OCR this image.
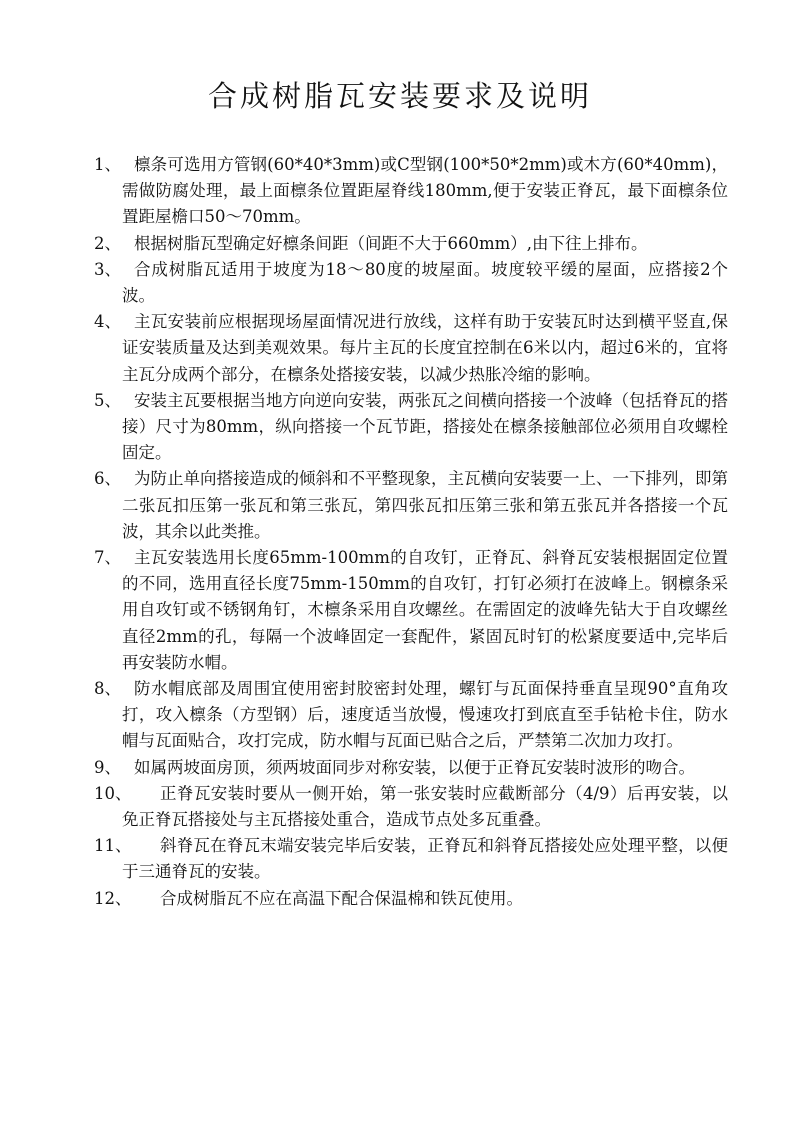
合成树脂瓦安装要求及说明
1、 檩条可选用方管钢(60*40*3mm)或C型钢(100*50*2mm)或木方(60*40mm)，需做防腐处理，最上面檩条位置距屋脊线180mm,便于安装正脊瓦，最下面檩条位置距屋檐口50～70mm。
2、 根据树脂瓦型确定好檩条间距（间距不大于660mm）,由下往上排布。
3、 合成树脂瓦适用于坡度为18～80度的坡屋面。坡度较平缓的屋面，应搭接2个波。
4、 主瓦安装前应根据现场屋面情况进行放线，这样有助于安装瓦时达到横平竖直,保证安装质量及达到美观效果。每片主瓦的长度宜控制在6米以内，超过6米的，宜将主瓦分成两个部分，在檩条处搭接安装，以减少热胀冷缩的影响。
5、 安装主瓦要根据当地方向逆向安装，两张瓦之间横向搭接一个波峰（包括脊瓦的搭接）尺寸为80mm，纵向搭接一个瓦节距，搭接处在檩条接触部位必须用自攻螺栓固定。
6、 为防止单向搭接造成的倾斜和不平整现象，主瓦横向安装要一上、一下排列，即第二张瓦扣压第一张瓦和第三张瓦，第四张瓦扣压第三张和第五张瓦并各搭接一个瓦波，其余以此类推。
7、 主瓦安装选用长度65mm-100mm的自攻钉，正脊瓦、斜脊瓦安装根据固定位置的不同，选用直径长度75mm-150mm的自攻钉，打钉必须打在波峰上。钢檩条采用自攻钉或不锈钢角钉，木檩条采用自攻螺丝。在需固定的波峰先钻大于自攻螺丝直径2mm的孔，每隔一个波峰固定一套配件，紧固瓦时钉的松紧度要适中,完毕后再安装防水帽。
8、 防水帽底部及周围宜使用密封胶密封处理，螺钉与瓦面保持垂直呈现90°直角攻打，攻入檩条（方型钢）后，速度适当放慢，慢速攻打到底直至手钻枪卡住，防水帽与瓦面贴合，攻打完成，防水帽与瓦面已贴合之后，严禁第二次加力攻打。
9、 如属两坡面房顶，须两坡面同步对称安装，以便于正脊瓦安装时波形的吻合。
10、	正脊瓦安装时要从一侧开始，第一张安装时应截断部分（4/9）后再安装，以免正脊瓦搭接处与主瓦搭接处重合，造成节点处多瓦重叠。
11、	斜脊瓦在脊瓦末端安装完毕后安装，正脊瓦和斜脊瓦搭接处应处理平整，以便于三通脊瓦的安装。
12、	合成树脂瓦不应在高温下配合保温棉和铁瓦使用。
